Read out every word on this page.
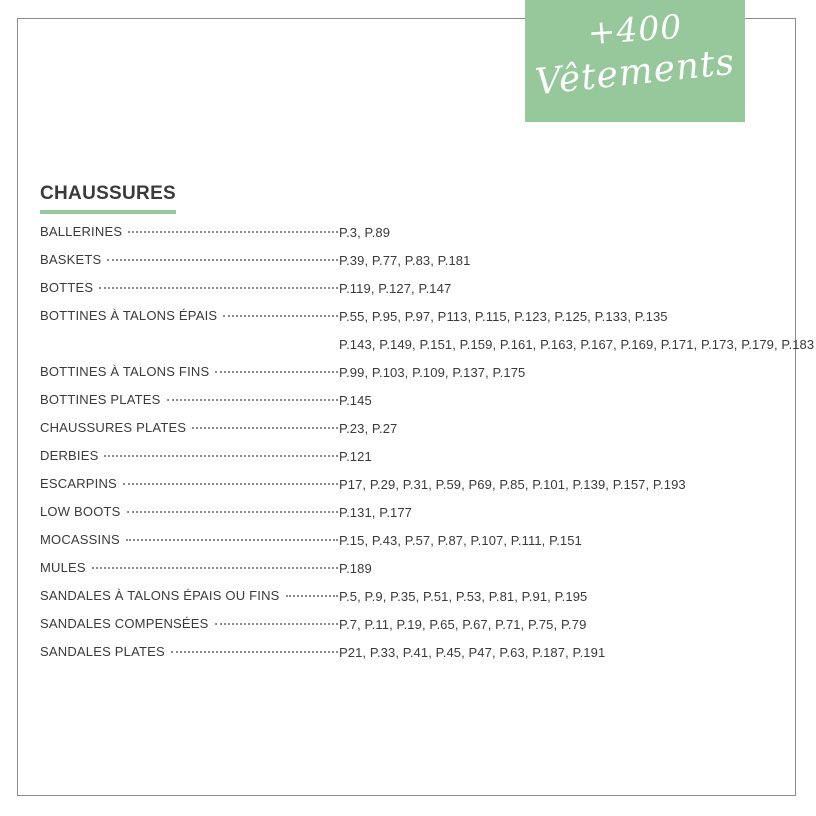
+400
Vêtements
CHAUSSURES
BALLERINES	P.3, P.89
BASKETS	P.39, P.77, P.83, P.181
BOTTES	P.119, P.127, P.147
BOTTINES À TALONS ÉPAIS	P.55, P.95, P.97, P113, P.115, P.123, P.125, P.133, P.135
P.143, P.149, P.151, P.159, P.161, P.163, P.167, P.169, P.171, P.173, P.179, P.183
BOTTINES À TALONS FINS	P.99, P.103, P.109, P.137, P.175
BOTTINES PLATES	P.145
CHAUSSURES PLATES	P.23, P.27
DERBIES	P.121
ESCARPINS	P17, P.29, P.31, P.59, P69, P.85, P.101, P.139, P.157, P.193
LOW BOOTS	P.131, P.177
MOCASSINS	P.15, P.43, P.57, P.87, P.107, P.111, P.151
MULES	P.189
SANDALES À TALONS ÉPAIS OU FINS	P.5, P.9, P.35, P.51, P.53, P.81, P.91, P.195
SANDALES COMPENSÉES	P.7, P.11, P.19, P.65, P.67, P.71, P.75, P.79
SANDALES PLATES	P21, P.33, P.41, P.45, P47, P.63, P.187, P.191
